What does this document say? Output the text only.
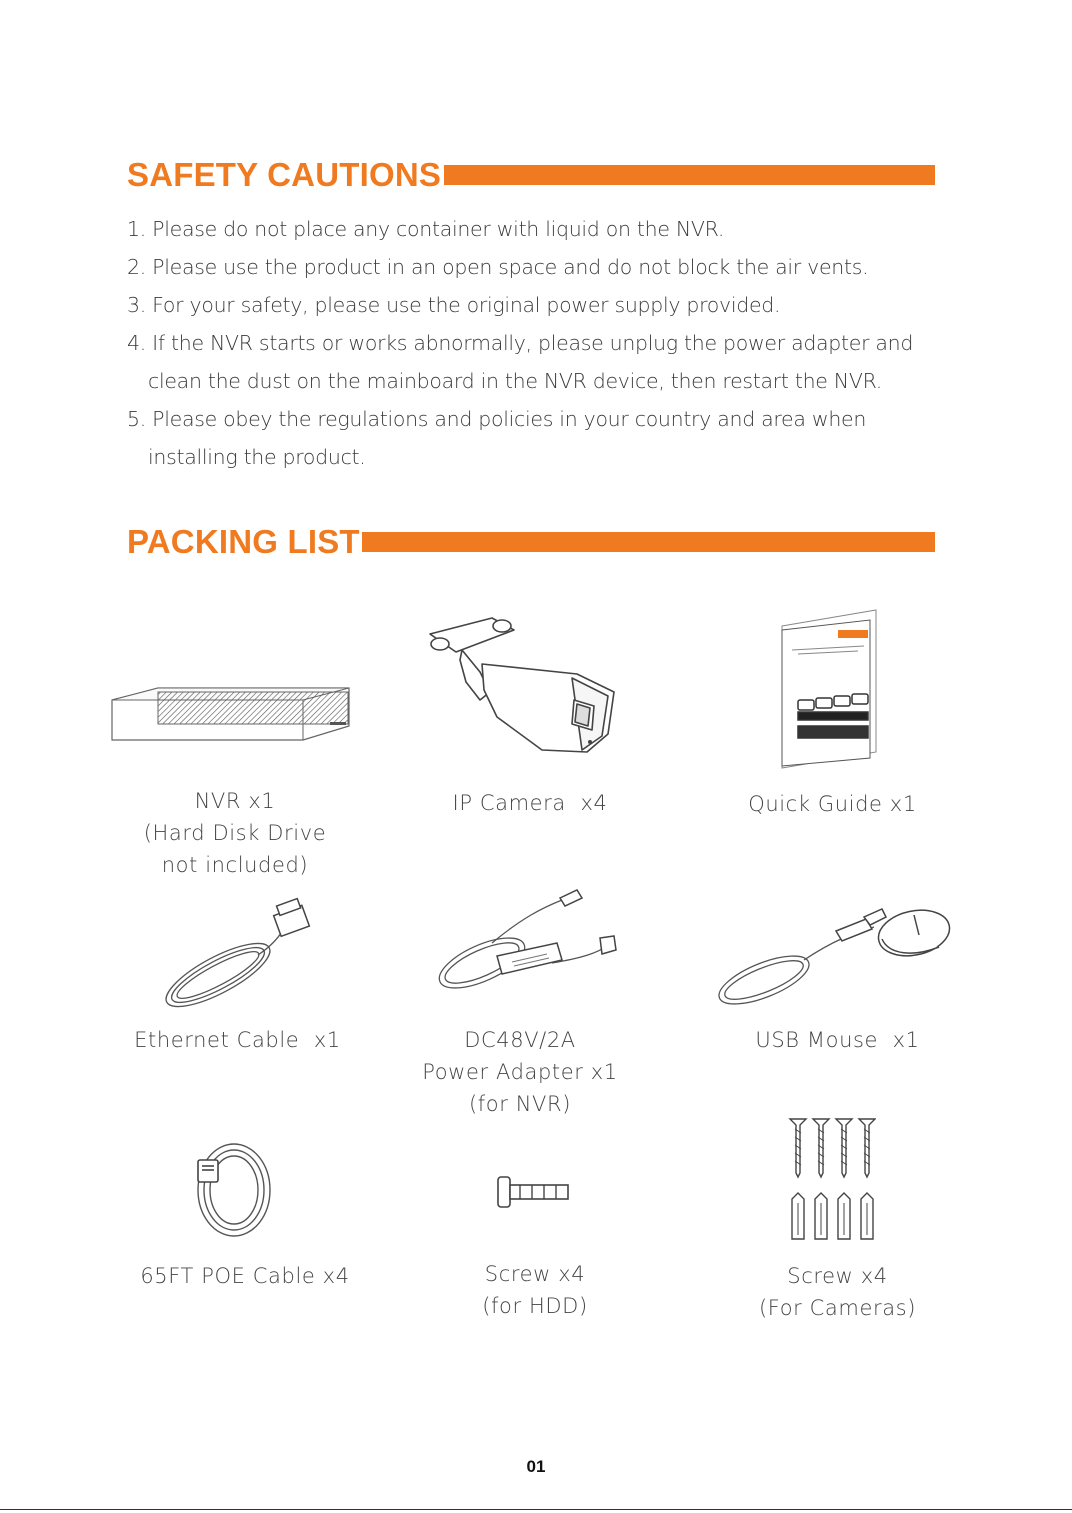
SAFETY CAUTIONS
1. Please do not place any container with liquid on the NVR.
2. Please use the product in an open space and do not block the air vents.
3. For your safety, please use the original power supply provided.
4. If the NVR starts or works abnormally, please unplug the power adapter and clean the dust on the mainboard in the NVR device, then restart the NVR.
5. Please obey the regulations and policies in your country and area when installing the product.
PACKING LIST
NVR x1
(Hard Disk Drive
not included)
IP Camera  x4	Quick Guide x1
Ethernet Cable  x1	DC48V/2A
Power Adapter x1
(for NVR)
USB Mouse  x1
65FT POE Cable x4	Screw x4
(for HDD)
Screw x4
(For Cameras)
01
